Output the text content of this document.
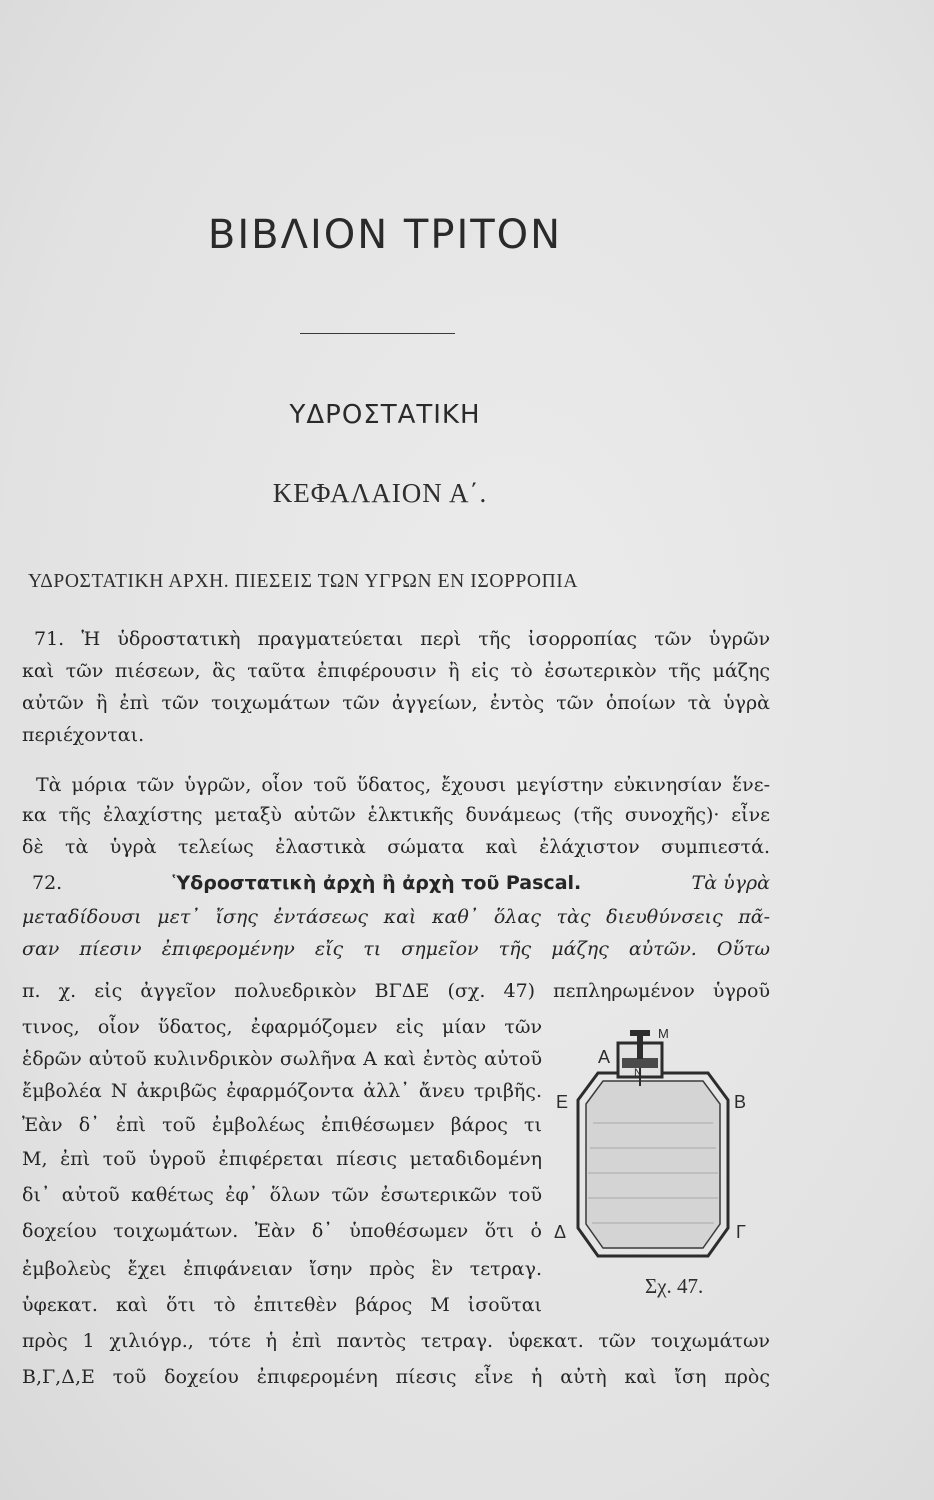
ΒΙΒΛΙΟΝ ΤΡΙΤΟΝ
ΥΔΡΟΣΤΑΤΙΚΗ
ΚΕΦΑΛΑΙΟΝ Α΄.
ΥΔΡΟΣΤΑΤΙΚΗ ΑΡΧΗ. ΠΙΕΣΕΙΣ ΤΩΝ ΥΓΡΩΝ ΕΝ ΙΣΟΡΡΟΠΙΑ
71. Ἡ ὑδροστατικὴ πραγματεύεται περὶ τῆς ἰσορροπίας τῶν ὑγρῶν
καὶ τῶν πιέσεων, ἃς ταῦτα ἐπιφέρουσιν ἢ εἰς τὸ ἐσωτερικὸν τῆς μάζης
αὐτῶν ἢ ἐπὶ τῶν τοιχωμάτων τῶν ἀγγείων, ἐντὸς τῶν ὁποίων τὰ ὑγρὰ
περιέχονται.
Τὰ μόρια τῶν ὑγρῶν, οἷον τοῦ ὕδατος, ἔχουσι μεγίστην εὐκινησίαν ἕνε-
κα τῆς ἐλαχίστης μεταξὺ αὐτῶν ἑλκτικῆς δυνάμεως (τῆς συνοχῆς)· εἶνε
δὲ τὰ ὑγρὰ τελείως ἐλαστικὰ σώματα καὶ ἐλάχιστον συμπιεστά.
72.	Ὑδροστατικὴ ἀρχὴ ἢ ἀρχὴ τοῦ Pascal.	Τὰ ὑγρὰ
μεταδίδουσι μετ᾽ ἴσης ἐντάσεως καὶ καθ᾽ ὅλας τὰς διευθύνσεις πᾶ-
σαν πίεσιν ἐπιφερομένην εἴς τι σημεῖον τῆς μάζης αὐτῶν. Οὕτω
π. χ. εἰς ἀγγεῖον πολυεδρικὸν ΒΓΔΕ (σχ. 47) πεπληρωμένον ὑγροῦ
τινος, οἷον ὕδατος, ἐφαρμόζομεν εἰς μίαν τῶν
ἑδρῶν αὐτοῦ κυλινδρικὸν σωλῆνα Α καὶ ἐντὸς αὐτοῦ
ἔμβολέα Ν ἀκριβῶς ἐφαρμόζοντα ἀλλ᾽ ἄνευ τριβῆς.
Ἐὰν δ᾽ ἐπὶ τοῦ ἐμβολέως ἐπιθέσωμεν βάρος τι
Μ, ἐπὶ τοῦ ὑγροῦ ἐπιφέρεται πίεσις μεταδιδομένη
δι᾽ αὐτοῦ καθέτως ἐφ᾽ ὅλων τῶν ἐσωτερικῶν τοῦ
δοχείου τοιχωμάτων. Ἐὰν δ᾽ ὑποθέσωμεν ὅτι ὁ
ἐμβολεὺς ἔχει ἐπιφάνειαν ἴσην πρὸς ἓν τετραγ.
ὑφεκατ. καὶ ὅτι τὸ ἐπιτεθὲν βάρος Μ ἰσοῦται
πρὸς 1 χιλιόγρ., τότε ἡ ἐπὶ παντὸς τετραγ. ὑφεκατ. τῶν τοιχωμάτων
Β,Γ,Δ,Ε τοῦ δοχείου ἐπιφερομένη πίεσις εἶνε ἡ αὐτὴ καὶ ἴση πρὸς
Α
Μ
Ν
Ε	Β
Δ	Γ
Σχ. 47.
